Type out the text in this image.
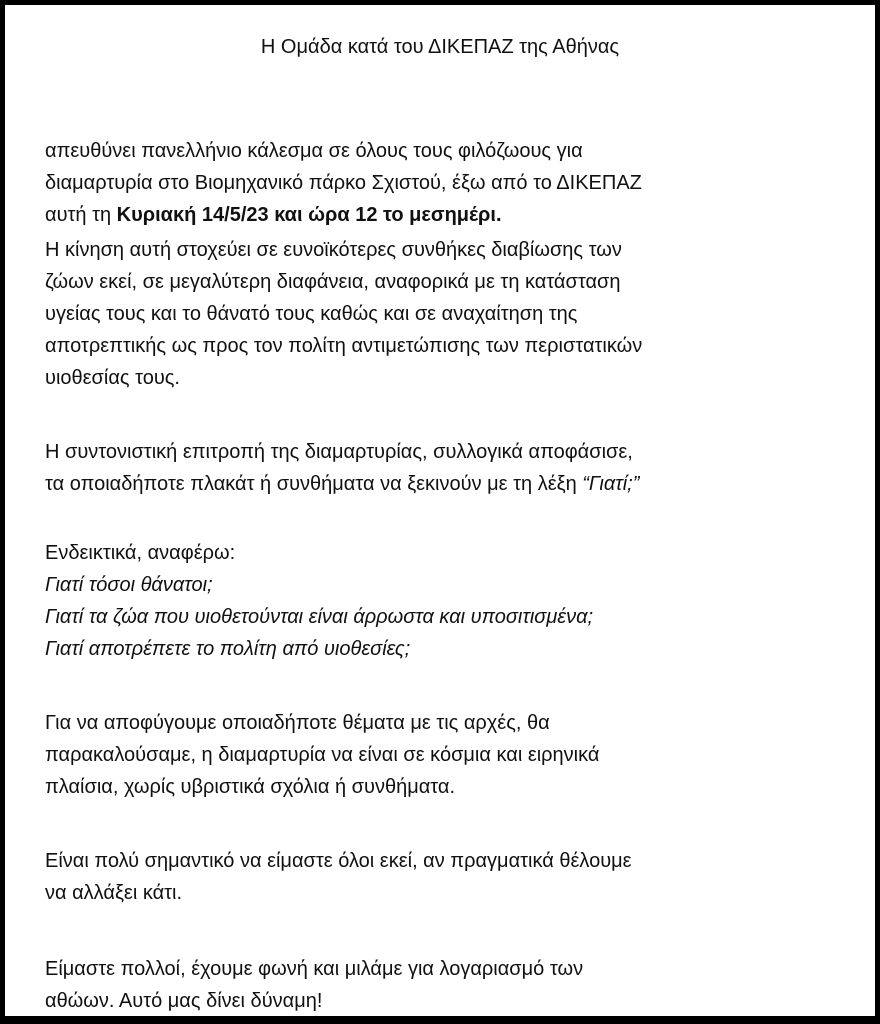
Η Ομάδα κατά του ΔΙΚΕΠΑΖ της Αθήνας

απευθύνει πανελλήνιο κάλεσμα σε όλους τους φιλόζωους για
διαμαρτυρία στο Βιομηχανικό πάρκο Σχιστού, έξω από το ΔΙΚΕΠΑΖ
αυτή τη Κυριακή 14/5/23 και ώρα 12 το μεσημέρι.

Η κίνηση αυτή στοχεύει σε ευνοϊκότερες συνθήκες διαβίωσης των
ζώων εκεί, σε μεγαλύτερη διαφάνεια, αναφορικά με τη κατάσταση
υγείας τους και το θάνατό τους καθώς και σε αναχαίτηση της
αποτρεπτικής ως προς τον πολίτη αντιμετώπισης των περιστατικών
υιοθεσίας τους.

Η συντονιστική επιτροπή της διαμαρτυρίας, συλλογικά αποφάσισε,
τα οποιαδήποτε πλακάτ ή συνθήματα να ξεκινούν με τη λέξη “Γιατί;”

Ενδεικτικά, αναφέρω:
Γιατί τόσοι θάνατοι;
Γιατί τα ζώα που υιοθετούνται είναι άρρωστα και υποσιτισμένα;
Γιατί αποτρέπετε το πολίτη από υιοθεσίες;

Για να αποφύγουμε οποιαδήποτε θέματα με τις αρχές, θα
παρακαλούσαμε, η διαμαρτυρία να είναι σε κόσμια και ειρηνικά
πλαίσια, χωρίς υβριστικά σχόλια ή συνθήματα.

Είναι πολύ σημαντικό να είμαστε όλοι εκεί, αν πραγματικά θέλουμε
να αλλάξει κάτι.

Είμαστε πολλοί, έχουμε φωνή και μιλάμε για λογαριασμό των
αθώων. Αυτό μας δίνει δύναμη!
